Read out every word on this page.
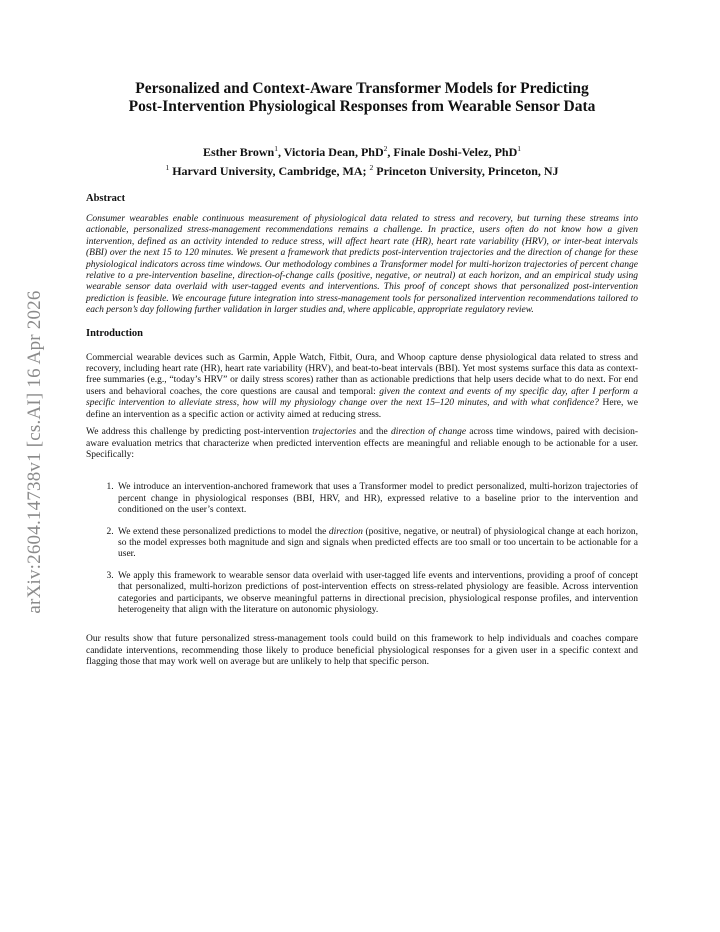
arXiv:2604.14738v1 [cs.AI] 16 Apr 2026
Personalized and Context-Aware Transformer Models for Predicting
Post-Intervention Physiological Responses from Wearable Sensor Data
Esther Brown$^1$, Victoria Dean, PhD$^2$, Finale Doshi-Velez, PhD$^1$
$^1$ Harvard University, Cambridge, MA; $^2$ Princeton University, Princeton, NJ
Abstract

Consumer wearables enable continuous measurement of physiological data related to stress and recovery, but turning these streams into actionable, personalized stress-management recommendations remains a challenge. In practice, users often do not know how a given intervention, defined as an activity intended to reduce stress, will affect heart rate (HR), heart rate variability (HRV), or inter-beat intervals (BBI) over the next 15 to 120 minutes. We present a framework that predicts post-intervention trajectories and the direction of change for these physiological indicators across time windows. Our methodology combines a Transformer model for multi-horizon trajectories of percent change relative to a pre-intervention baseline, direction-of-change calls (positive, negative, or neutral) at each horizon, and an empirical study using wearable sensor data overlaid with user-tagged events and interventions. This proof of concept shows that personalized post-intervention prediction is feasible. We encourage future integration into stress-management tools for personalized intervention recommendations tailored to each person’s day following further validation in larger studies and, where applicable, appropriate regulatory review.

Introduction

Commercial wearable devices such as Garmin, Apple Watch, Fitbit, Oura, and Whoop capture dense physiological data related to stress and recovery, including heart rate (HR), heart rate variability (HRV), and beat-to-beat intervals (BBI). Yet most systems surface this data as context-free summaries (e.g., “today’s HRV” or daily stress scores) rather than as actionable predictions that help users decide what to do next. For end users and behavioral coaches, the core questions are causal and temporal: given the context and events of my specific day, after I perform a specific intervention to alleviate stress, how will my physiology change over the next 15–120 minutes, and with what confidence? Here, we define an intervention as a specific action or activity aimed at reducing stress.

We address this challenge by predicting post-intervention trajectories and the direction of change across time windows, paired with decision-aware evaluation metrics that characterize when predicted intervention effects are meaningful and reliable enough to be actionable for a user. Specifically:

1. We introduce an intervention-anchored framework that uses a Transformer model to predict personalized, multi-horizon trajectories of percent change in physiological responses (BBI, HRV, and HR), expressed relative to a baseline prior to the intervention and conditioned on the user’s context.
2. We extend these personalized predictions to model the direction (positive, negative, or neutral) of physiological change at each horizon, so the model expresses both magnitude and sign and signals when predicted effects are too small or too uncertain to be actionable for a user.
3. We apply this framework to wearable sensor data overlaid with user-tagged life events and interventions, providing a proof of concept that personalized, multi-horizon predictions of post-intervention effects on stress-related physiology are feasible. Across intervention categories and participants, we observe meaningful patterns in directional precision, physiological response profiles, and intervention heterogeneity that align with the literature on autonomic physiology.

Our results show that future personalized stress-management tools could build on this framework to help individuals and coaches compare candidate interventions, recommending those likely to produce beneficial physiological responses for a given user in a specific context and flagging those that may work well on average but are unlikely to help that specific person.
